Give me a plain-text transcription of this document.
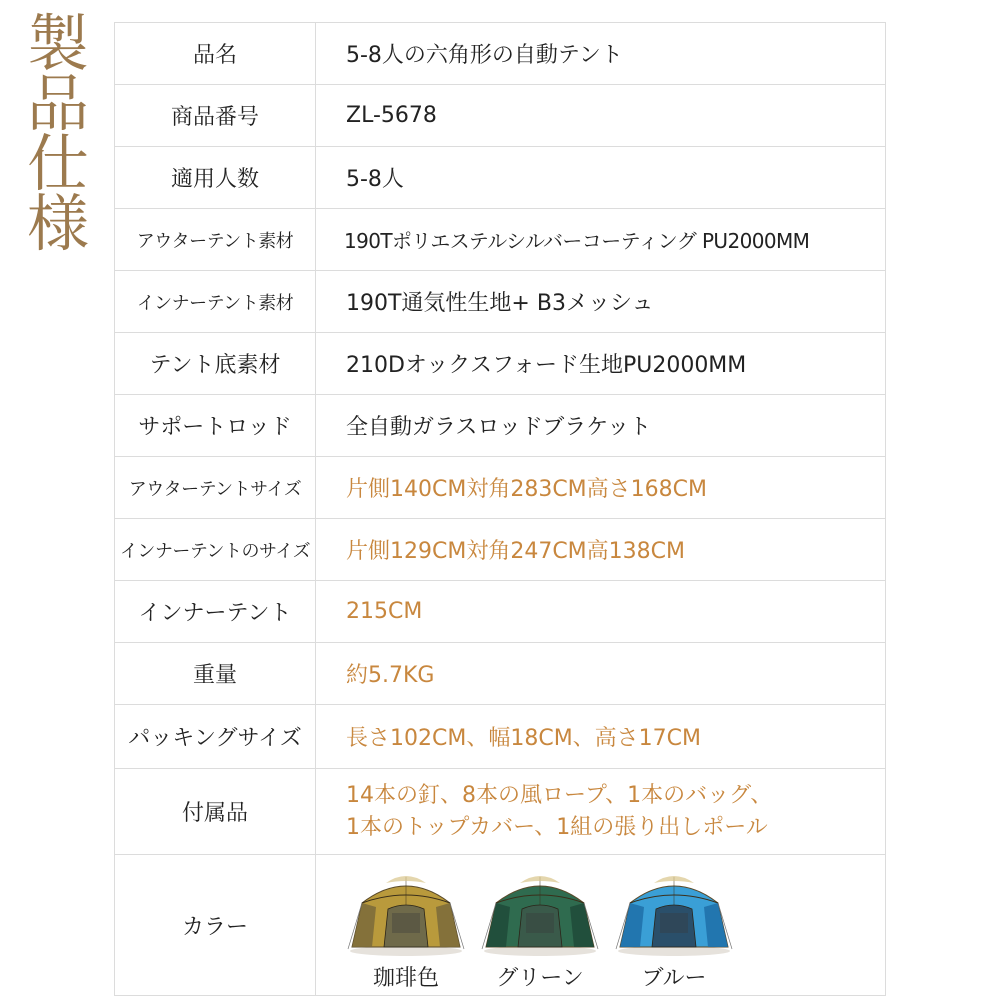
製
品
仕
様
品名	5-8人の六角形の自動テント
商品番号	ZL-5678
適用人数	5-8人
アウターテント素材	190Tポリエステルシルバーコーティング PU2000MM
インナーテント素材	190T通気性生地+ B3メッシュ
テント底素材	210Dオックスフォード生地PU2000MM
サポートロッド	全自動ガラスロッドブラケット
アウターテントサイズ	片側140CM対角283CM高さ168CM
インナーテントのサイズ	片側129CM対角247CM高138CM
インナーテント	215CM
重量	約5.7KG
パッキングサイズ	長さ102CM、幅18CM、高さ17CM
付属品	14本の釘、8本の風ロープ、1本のバッグ、
1本のトップカバー、1組の張り出しポール

カラー	珈琲色 グリーン ブルー
